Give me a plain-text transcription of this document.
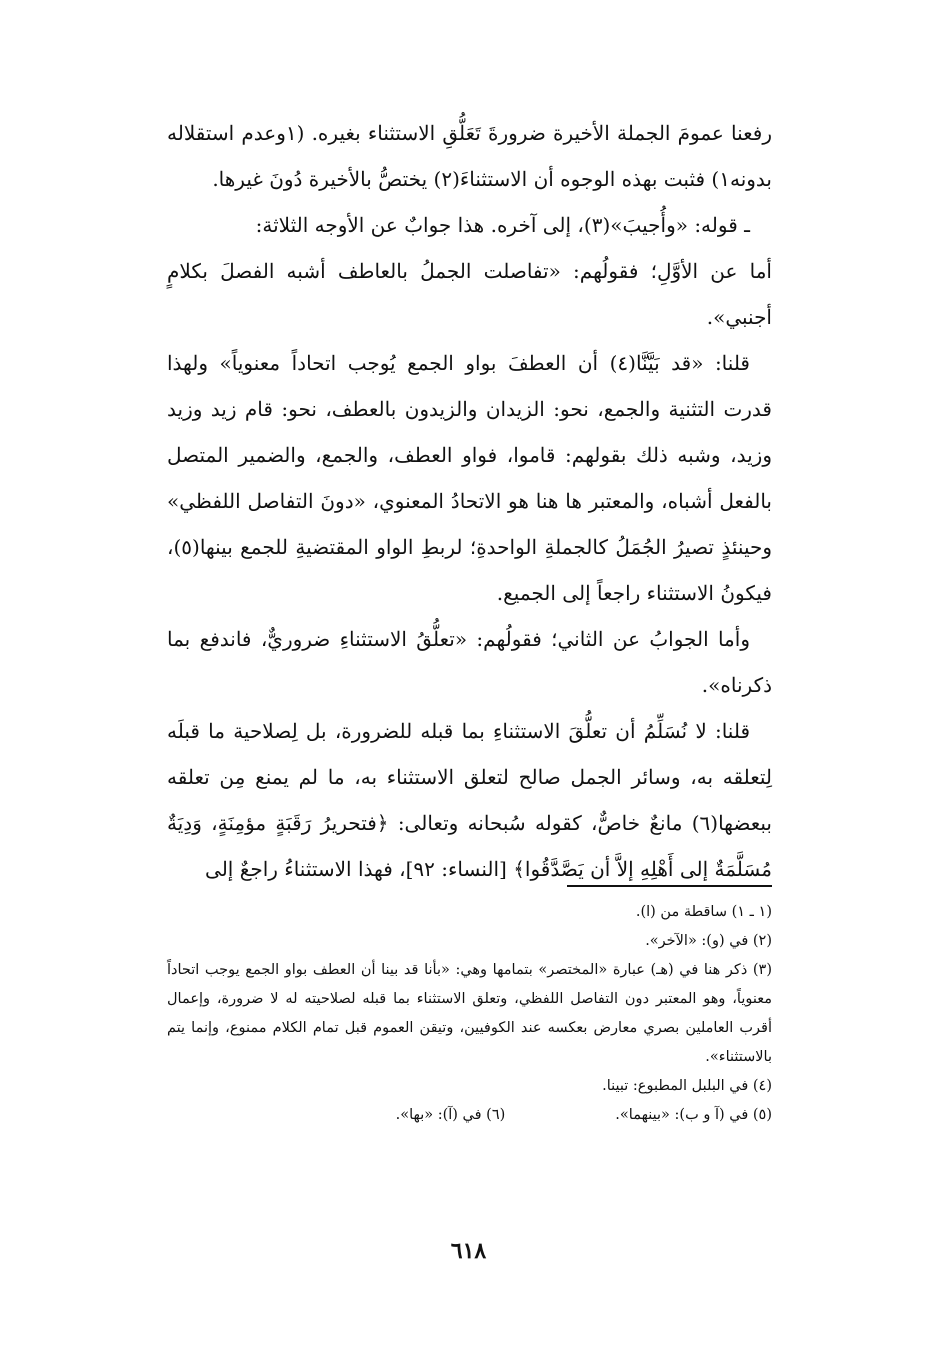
رفعنا عمومَ الجملة الأخيرة ضرورةَ تَعَلُّقِ الاستثناء بغيره. (١وعدم استقلاله بدونه١) فثبت بهذه الوجوه أن الاستثناءَ(٢) يختصُّ بالأخيرة دُونَ غيرها.

ـ قوله: «وأُجيبَ»(٣)، إلى آخره. هذا جوابٌ عن الأوجه الثلاثة:

أما عن الأوَّلِ؛ فقولُهم: «تفاصلت الجملُ بالعاطف أشبه الفصلَ بكلامٍ أجنبي».

قلنا: «قد بَيَّنَّا(٤) أن العطفَ بواو الجمع يُوجب اتحاداً معنوياً» ولهذا قدرت التثنية والجمع، نحو: الزيدان والزيدون بالعطف، نحو: قام زيد وزيد وزيد، وشبه ذلك بقولهم: قاموا، فواو العطف، والجمع، والضمير المتصل بالفعل أشباه، والمعتبر ها هنا هو الاتحادُ المعنوي، «دونَ التفاصل اللفظي» وحينئذٍ تصيرُ الجُمَلُ كالجملةِ الواحدةِ؛ لربطِ الواو المقتضيةِ للجمع بينها(٥)، فيكونُ الاستثناء راجعاً إلى الجميع.

وأما الجوابُ عن الثاني؛ فقولُهم: «تعلُّقُ الاستثناءِ ضروريٌّ، فاندفع بما ذكرناه».

قلنا: لا نُسَلِّمُ أن تعلُّقَ الاستثناءِ بما قبله للضرورة، بل لِصلاحية ما قبلَه لِتعلقه به، وسائر الجمل صالح لتعلق الاستثناء به، ما لم يمنع مِن تعلقه ببعضها(٦) مانعٌ خاصٌّ، كقوله سُبحانه وتعالى: ﴿فتحريرُ رَقَبَةٍ مؤمِنَةٍ، وَدِيَةٌ مُسَلَّمَةٌ إلى أَهْلِهِ إلاَّ أن يَصَّدَّقُوا﴾ [النساء: ٩٢]، فهذا الاستثناءُ راجعٌ إلى

(١ ـ ١) ساقطة من (ا).

(٢) في (و): «الآخر».

(٣) ذكر هنا في (هـ) عبارة «المختصر» بتمامها وهي: «بأنا قد بينا أن العطف بواو الجمع يوجب اتحاداً معنوياً، وهو المعتبر دون التفاصل اللفظي، وتعلق الاستثناء بما قبله لصلاحيته له لا ضرورة، وإعمال أقرب العاملين بصري معارض بعكسه عند الكوفيين، وتيقن العموم قبل تمام الكلام ممنوع، وإنما يتم بالاستثناء».

(٤) في البلبل المطبوع: تبينا.

(٥) في (آ و ب): «بينهما».
(٦) في (آ): «بها».

٦١٨
